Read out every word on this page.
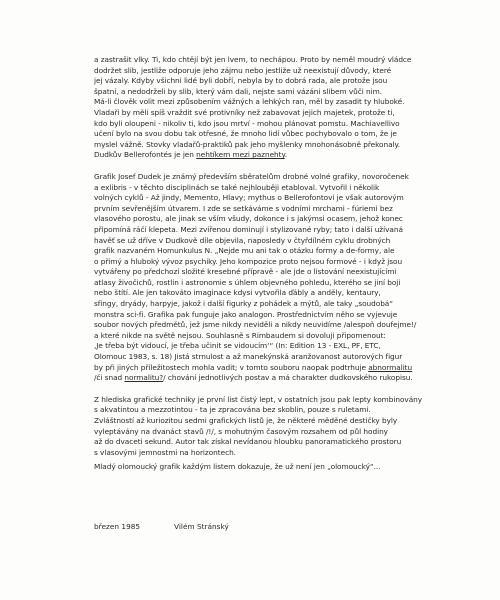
a zastrašit vlky. Ti, kdo chtějí být jen lvem, to nechápou. Proto by neměl moudrý vládce
dodržet slib, jestliže odporuje jeho zájmu nebo jestliže už neexistují důvody, které
jej vázaly. Kdyby všichni lidé byli dobří, nebyla by to dobrá rada, ale protože jsou
špatní, a nedodrželi by slib, který vám dali, nejste sami vázáni slibem vůči nim.
Má-li člověk volit mezi způsobením vážných a lehkých ran, měl by zasadit ty hluboké.
Vladaři by měli spíš vraždit své protivníky než zabavovat jejich majetek, protože ti,
kdo byli oloupeni - nikoliv ti, kdo jsou mrtví - mohou plánovat pomstu. Machiavellivo
učení bylo na svou dobu tak otřesné, že mnoho lidí vůbec pochybovalo o tom, že je
myslel vážně. Stovky vladařů-praktiků pak jeho myšlenky mnohonásobně překonaly.
Dudkův Bellerofontés je jen nehtíkem mezi paznehty.
Grafik Josef Dudek je známý především sběratelům drobné volné grafiky, novoročenek
a exlibris - v těchto disciplinách se také nejhlouběji etabloval. Vytvořil i několik
volných cyklů - Až jindy, Memento, Hlavy; mythus o Bellerofontovi je však autorovým
prvním sevřenějším útvarem. I zde se setkáváme s vodními mrchami - fúriemi bez
vlasového porostu, ale jinak se vším všudy, dokonce i s jakýmsi ocasem, jehož konec
připomíná ráčí klepeta. Mezi zvířenou dominují i stylizované ryby; tato i další užívaná
havěť se už dříve v Dudkově díle objevila, naposledy v čtyřdílném cyklu drobných
grafik nazvaném Homunkulus N. „Nejde mu ani tak o otázku formy a de-formy, ale
o přímý a hluboký vývoz psychiky. Jeho kompozice proto nejsou formové - i když jsou
vytvářeny po předchozí složité kresebné přípravě - ale jde o listování neexistujícími
atlasy živočichů, rostlin i astronomie s úhlem objevného pohledu, kterého se jiní boji
nebo štítí. Ale jen takováto imaginace kdysi vytvořila ďábly a anděly, kentaury,
sfingy, dryády, harpyje, jakož i další figurky z pohádek a mýtů, ale taky „soudobá“
monstra sci-fi. Grafika pak funguje jako analogon. Prostřednictvím něho se vyjevuje
soubor nových předmětů, jež jsme nikdy neviděli a nikdy neuvidíme /alespoň doufejme!/
a které nikde na světě nejsou. Souhlasně s Rimbaudem si dovoluji připomenout:
‚Je třeba být vidoucí, je třeba učinit se vidoucím‘“ (In: Edition 13 - EXL, PF, ETC,
Olomouc 1983, s. 18) Jistá strnulost a až manekýnská aranžovanost autorových figur
by při jiných příležitostech mohla vadit; v tomto souboru naopak podtrhuje abnormalitu
/či snad normalitu?/ chování jednotlivých postav a má charakter dudkovského rukopisu.
Z hlediska grafické techniky je první list čistý lept, v ostatních jsou pak lepty kombinovány
s akvatintou a mezzotintou - ta je zpracována bez skoblin, pouze s ruletami.
Zvláštností až kuriozitou sedmi grafických listů je, že některé měděné destičky byly
vyleptávány na dvanáct stavů /!/, s mohutným časovým rozsahem od půl hodiny
až do dvaceti sekund. Autor tak získal nevídanou hloubku panoramatického prostoru
s vlasovými jemnostmi na horizontech.
Mladý olomoucký grafik každým listem dokazuje, že už není jen „olomoucký“...
březen 1985	Vilém Stránský
